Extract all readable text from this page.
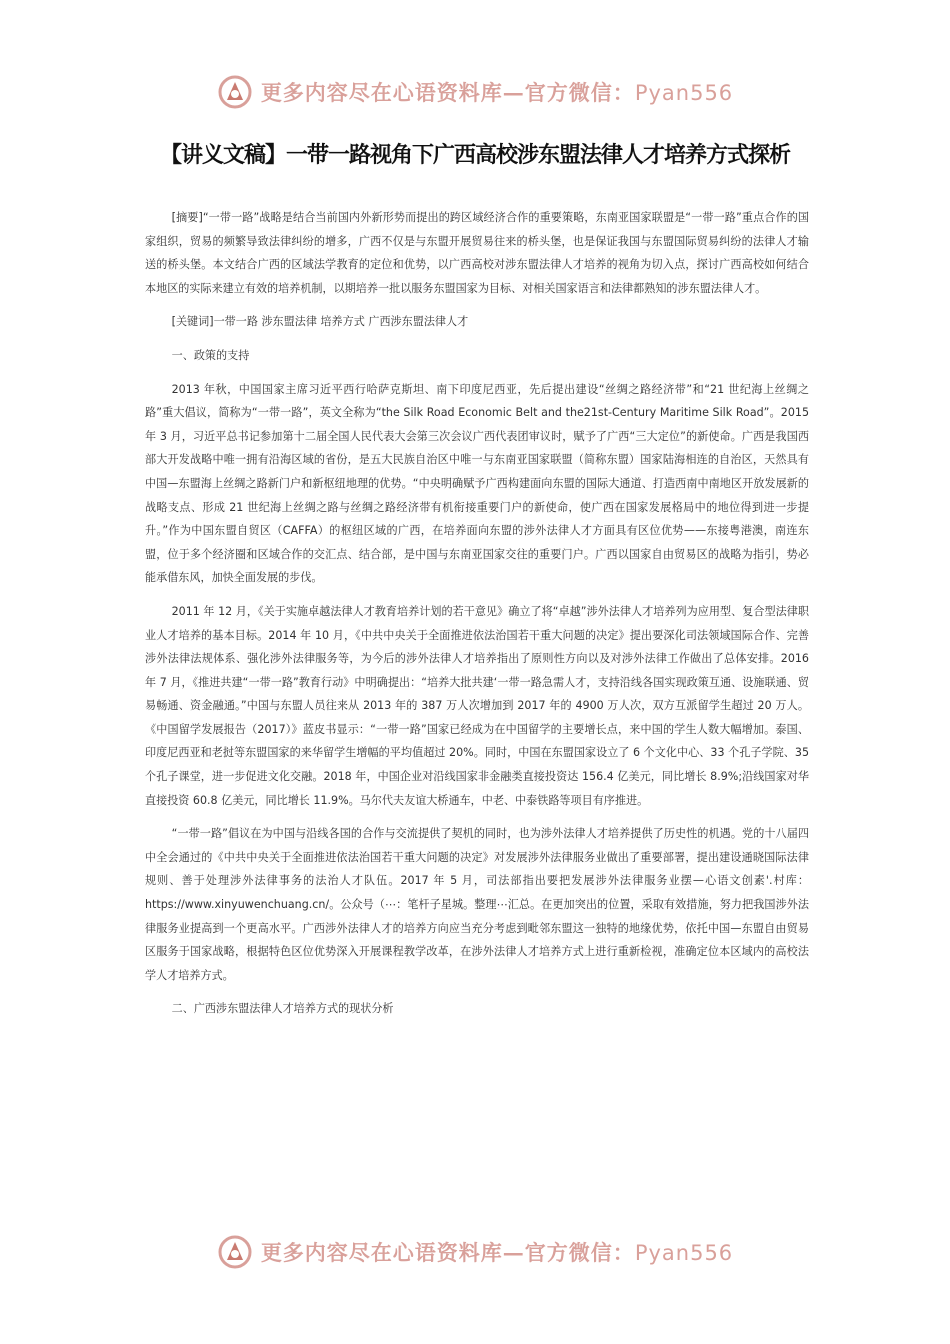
更多内容尽在心语资料库—官方微信：Pyan556
【讲义文稿】一带一路视角下广西高校涉东盟法律人才培养方式探析

[摘要]“一带一路”战略是结合当前国内外新形势而提出的跨区域经济合作的重要策略，东南亚国家联盟是“一带一路”重点合作的国家组织，贸易的频繁导致法律纠纷的增多，广西不仅是与东盟开展贸易往来的桥头堡，也是保证我国与东盟国际贸易纠纷的法律人才输送的桥头堡。本文结合广西的区域法学教育的定位和优势，以广西高校对涉东盟法律人才培养的视角为切入点，探讨广西高校如何结合本地区的实际来建立有效的培养机制，以期培养一批以服务东盟国家为目标、对相关国家语言和法律都熟知的涉东盟法律人才。

[关键词]一带一路 涉东盟法律 培养方式 广西涉东盟法律人才

一、政策的支持

2013 年秋，中国国家主席习近平西行哈萨克斯坦、南下印度尼西亚，先后提出建设“丝绸之路经济带”和“21 世纪海上丝绸之路”重大倡议，简称为“一带一路”，英文全称为“the Silk Road Economic Belt and the21st-Century Maritime Silk Road”。2015 年 3 月，习近平总书记参加第十二届全国人民代表大会第三次会议广西代表团审议时，赋予了广西“三大定位”的新使命。广西是我国西部大开发战略中唯一拥有沿海区域的省份，是五大民族自治区中唯一与东南亚国家联盟（简称东盟）国家陆海相连的自治区，天然具有中国—东盟海上丝绸之路新门户和新枢纽地理的优势。“中央明确赋予广西构建面向东盟的国际大通道、打造西南中南地区开放发展新的战略支点、形成 21 世纪海上丝绸之路与丝绸之路经济带有机衔接重要门户的新使命，使广西在国家发展格局中的地位得到进一步提升。”作为中国东盟自贸区（CAFFA）的枢纽区域的广西，在培养面向东盟的涉外法律人才方面具有区位优势——东接粤港澳，南连东盟，位于多个经济圈和区域合作的交汇点、结合部，是中国与东南亚国家交往的重要门户。广西以国家自由贸易区的战略为指引，势必能承借东风，加快全面发展的步伐。

2011 年 12 月，《关于实施卓越法律人才教育培养计划的若干意见》确立了将“卓越”涉外法律人才培养列为应用型、复合型法律职业人才培养的基本目标。2014 年 10 月，《中共中央关于全面推进依法治国若干重大问题的决定》提出要深化司法领域国际合作、完善涉外法律法规体系、强化涉外法律服务等，为今后的涉外法律人才培养指出了原则性方向以及对涉外法律工作做出了总体安排。2016 年 7 月，《推进共建“一带一路”教育行动》中明确提出：“培养大批共建‘一带一路急需人才，支持沿线各国实现政策互通、设施联通、贸易畅通、资金融通。”中国与东盟人员往来从 2013 年的 387 万人次增加到 2017 年的 4900 万人次，双方互派留学生超过 20 万人。《中国留学发展报告（2017）》蓝皮书显示：“一带一路”国家已经成为在中国留学的主要增长点，来中国的学生人数大幅增加。泰国、印度尼西亚和老挝等东盟国家的来华留学生增幅的平均值超过 20%。同时，中国在东盟国家设立了 6 个文化中心、33 个孔子学院、35 个孔子课堂，进一步促进文化交融。2018 年，中国企业对沿线国家非金融类直接投资达 156.4 亿美元，同比增长 8.9%;沿线国家对华直接投资 60.8 亿美元，同比增长 11.9%。马尔代夫友谊大桥通车，中老、中泰铁路等项目有序推进。

“一带一路”倡议在为中国与沿线各国的合作与交流提供了契机的同时，也为涉外法律人才培养提供了历史性的机遇。党的十八届四中全会通过的《中共中央关于全面推进依法治国若干重大问题的决定》对发展涉外法律服务业做出了重要部署，提出建设通晓国际法律规则、善于处理涉外法律事务的法治人才队伍。2017 年 5 月，司法部指出要把发展涉外法律服务业摆—心语文创素'.村库：https://www.xinyuwenchuang.cn/。公众号（⋯：笔杆子星城。整理⋯汇总。在更加突出的位置，采取有效措施，努力把我国涉外法律服务业提高到一个更高水平。广西涉外法律人才的培养方向应当充分考虑到毗邻东盟这一独特的地缘优势，依托中国—东盟自由贸易区服务于国家战略，根据特色区位优势深入开展课程教学改革，在涉外法律人才培养方式上进行重新检视，准确定位本区域内的高校法学人才培养方式。

二、广西涉东盟法律人才培养方式的现状分析

更多内容尽在心语资料库—官方微信：Pyan556
